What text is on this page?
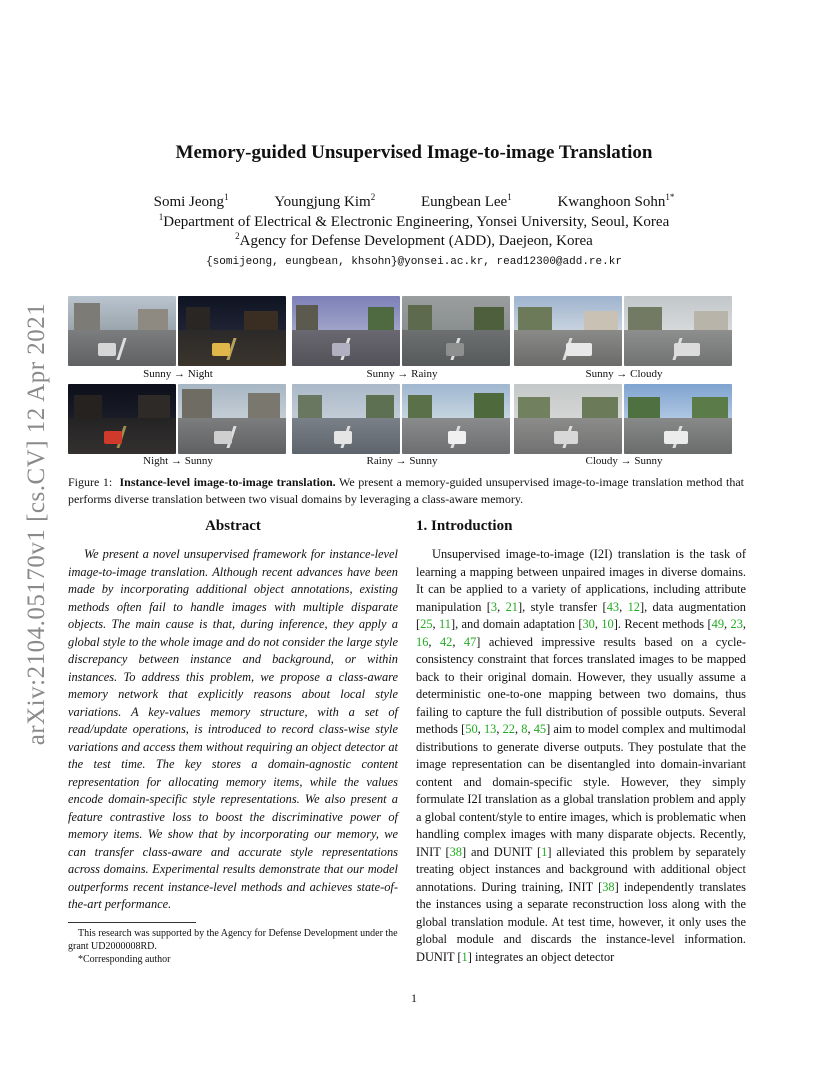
arXiv:2104.05170v1 [cs.CV] 12 Apr 2021
Memory-guided Unsupervised Image-to-image Translation
Somi Jeong$^1$	Youngjung Kim$^2$	Eungbean Lee$^1$	Kwanghoon Sohn$^{1*}$
$^1$Department of Electrical & Electronic Engineering, Yonsei University, Seoul, Korea
$^2$Agency for Defense Development (ADD), Daejeon, Korea
{somijeong, eungbean, khsohn}@yonsei.ac.kr, read12300@add.re.kr
Sunny → Night	Sunny → Rainy	Sunny → Cloudy
Night → Sunny	Rainy → Sunny	Cloudy → Sunny
Figure 1: Instance-level image-to-image translation. We present a memory-guided unsupervised image-to-image translation method that performs diverse translation between two visual domains by leveraging a class-aware memory.
Abstract
We present a novel unsupervised framework for instance-level image-to-image translation. Although recent advances have been made by incorporating additional object annotations, existing methods often fail to handle images with multiple disparate objects. The main cause is that, during inference, they apply a global style to the whole image and do not consider the large style discrepancy between instance and background, or within instances. To address this problem, we propose a class-aware memory network that explicitly reasons about local style variations. A key-values memory structure, with a set of read/update operations, is introduced to record class-wise style variations and access them without requiring an object detector at the test time. The key stores a domain-agnostic content representation for allocating memory items, while the values encode domain-specific style representations. We also present a feature contrastive loss to boost the discriminative power of memory items. We show that by incorporating our memory, we can transfer class-aware and accurate style representations across domains. Experimental results demonstrate that our model outperforms recent instance-level methods and achieves state-of-the-art performance.
1. Introduction
Unsupervised image-to-image (I2I) translation is the task of learning a mapping between unpaired images in diverse domains. It can be applied to a variety of applications, including attribute manipulation [3, 21], style transfer [43, 12], data augmentation [25, 11], and domain adaptation [30, 10]. Recent methods [49, 23, 16, 42, 47] achieved impressive results based on a cycle-consistency constraint that forces translated images to be mapped back to their original domain. However, they usually assume a deterministic one-to-one mapping between two domains, thus failing to capture the full distribution of possible outputs. Several methods [50, 13, 22, 8, 45] aim to model complex and multimodal distributions to generate diverse outputs. They postulate that the image representation can be disentangled into domain-invariant content and domain-specific style. However, they simply formulate I2I translation as a global translation problem and apply a global content/style to entire images, which is problematic when handling complex images with many disparate objects. Recently, INIT [38] and DUNIT [1] alleviated this problem by separately treating object instances and background with additional object annotations. During training, INIT [38] independently translates the instances using a separate reconstruction loss along with the global translation module. At test time, however, it only uses the global module and discards the instance-level information. DUNIT [1] integrates an object detector

This research was supported by the Agency for Defense Development under the grant UD2000008RD.

*Corresponding author

1
